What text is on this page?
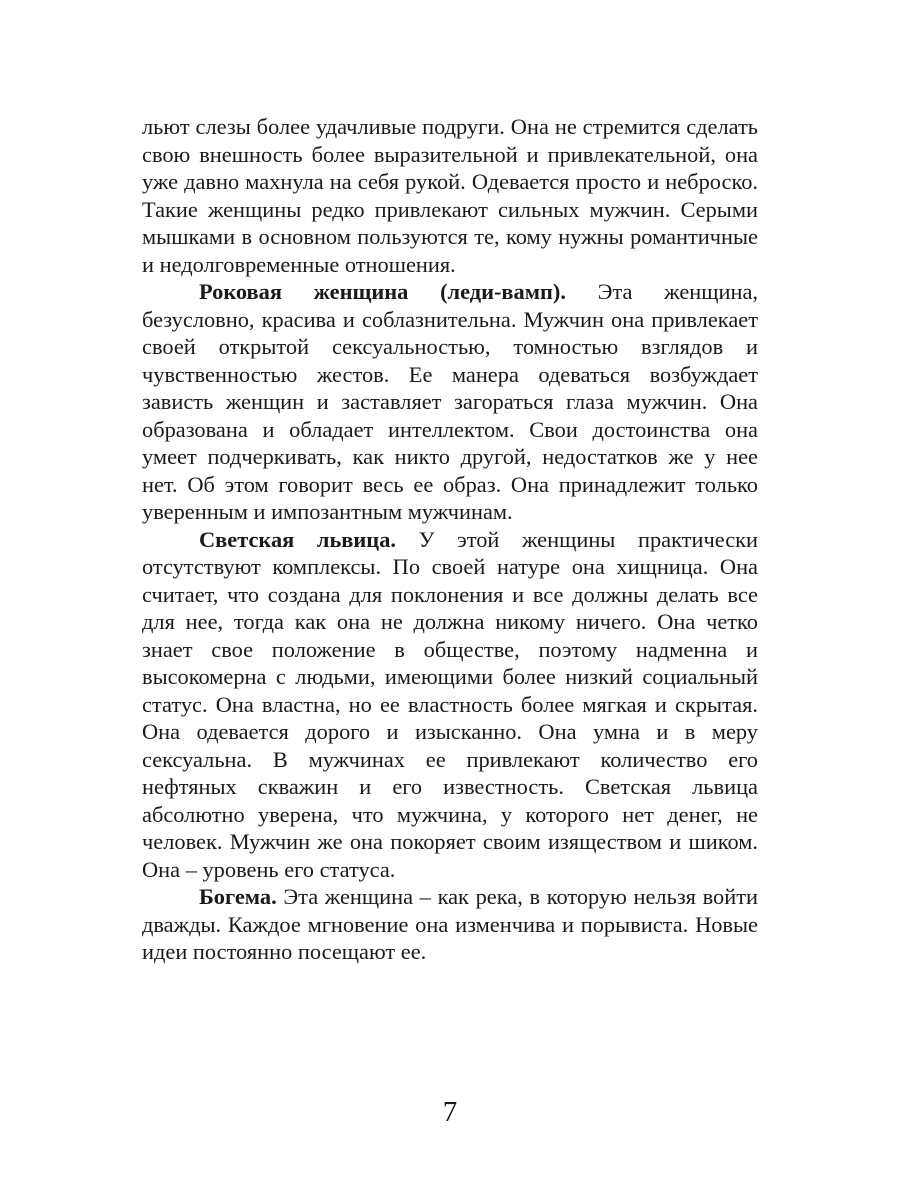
льют слезы более удачливые подруги. Она не стремится сделать свою внешность более выразительной и привлекательной, она уже давно махнула на себя рукой. Одевается просто и неброско. Такие женщины редко привлекают сильных мужчин. Серыми мышками в основном пользуются те, кому нужны романтичные и недолговременные отношения.

Роковая женщина (леди-вамп). Эта женщина, безусловно, красива и соблазнительна. Мужчин она привлекает своей открытой сексуальностью, томностью взглядов и чувственностью жестов. Ее манера одеваться возбуждает зависть женщин и заставляет загораться глаза мужчин. Она образована и обладает интеллектом. Свои достоинства она умеет подчеркивать, как никто другой, недостатков же у нее нет. Об этом говорит весь ее образ. Она принадлежит только уверенным и импозантным мужчинам.

Светская львица. У этой женщины практически отсутствуют комплексы. По своей натуре она хищница. Она считает, что создана для поклонения и все должны делать все для нее, тогда как она не должна никому ничего. Она четко знает свое положение в обществе, поэтому надменна и высокомерна с людьми, имеющими более низкий социальный статус. Она властна, но ее властность более мягкая и скрытая. Она одевается дорого и изысканно. Она умна и в меру сексуальна. В мужчинах ее привлекают количество его нефтяных скважин и его известность. Светская львица абсолютно уверена, что мужчина, у которого нет денег, не человек. Мужчин же она покоряет своим изяществом и шиком. Она – уровень его статуса.

Богема. Эта женщина – как река, в которую нельзя войти дважды. Каждое мгновение она изменчива и порывиста. Новые идеи постоянно посещают ее.

7
